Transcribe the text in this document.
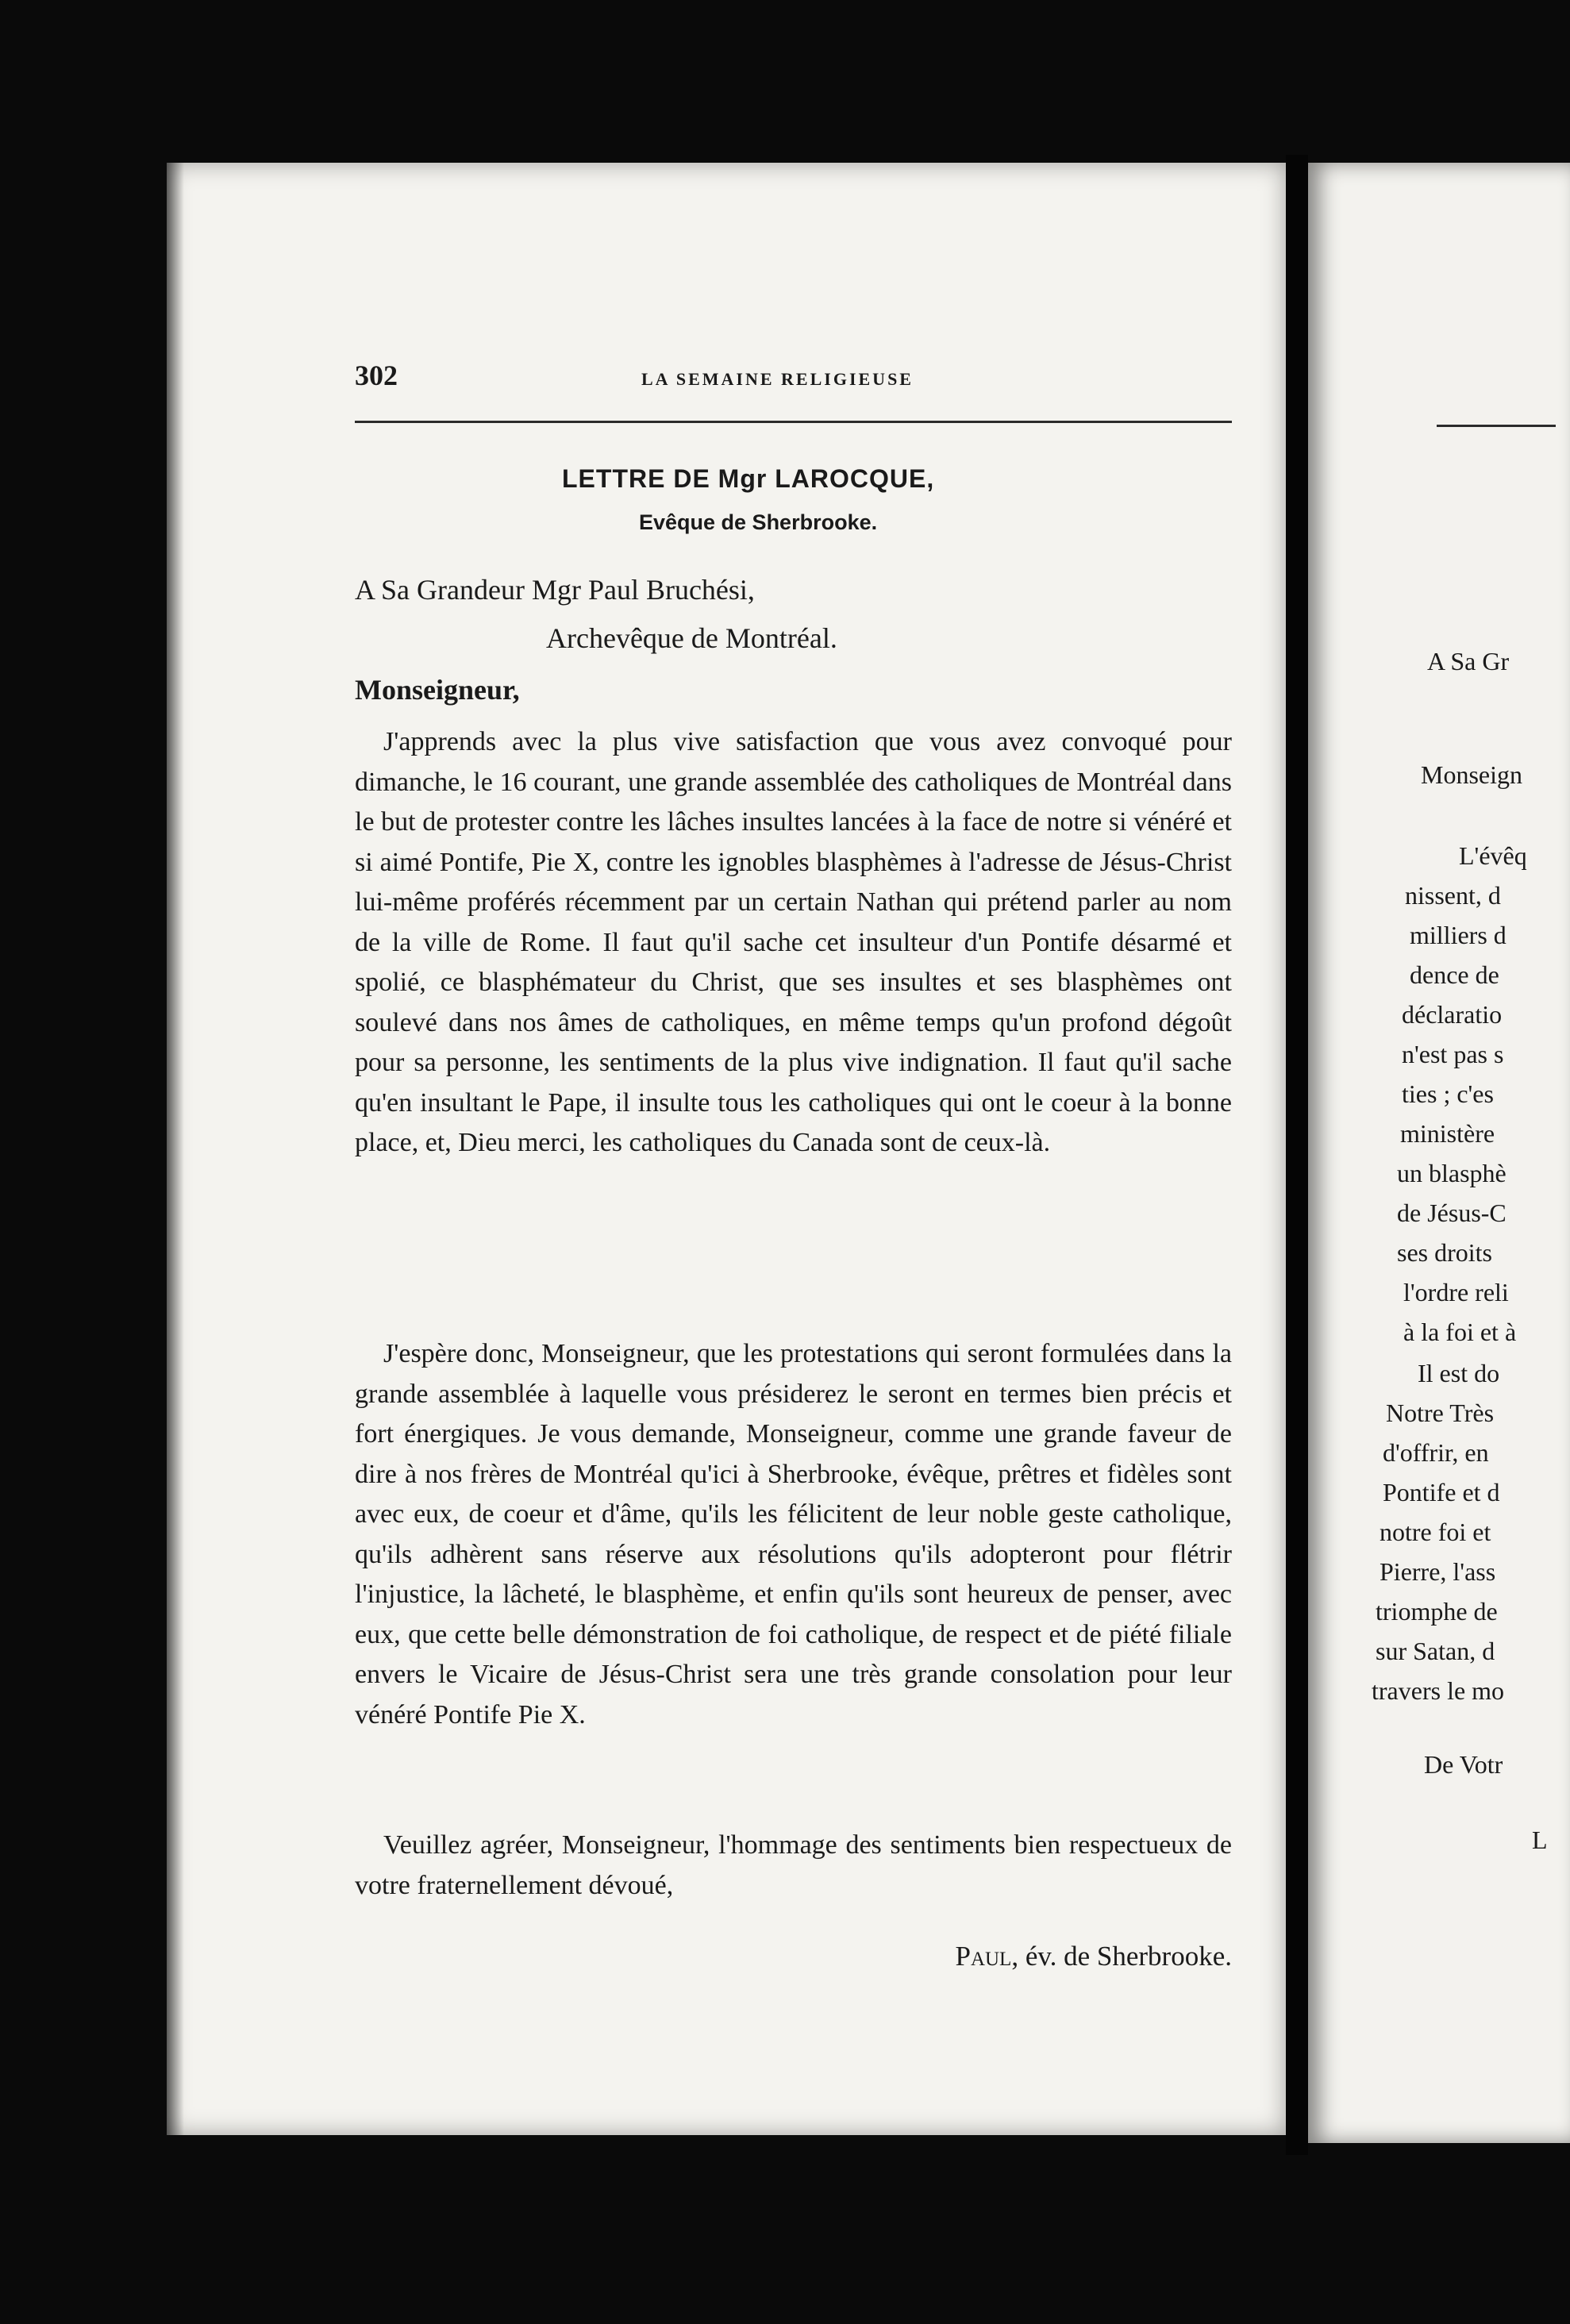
302	LA SEMAINE RELIGIEUSE
LETTRE DE Mgr LAROCQUE,
Evêque de Sherbrooke.
A Sa Grandeur Mgr Paul Bruchési,
Archevêque de Montréal.
Monseigneur,
J'apprends avec la plus vive satisfaction que vous avez convoqué pour dimanche, le 16 courant, une grande assemblée des catholiques de Montréal dans le but de protester contre les lâches insultes lancées à la face de notre si vénéré et si aimé Pontife, Pie X, contre les ignobles blasphèmes à l'adresse de Jésus-Christ lui-même proférés récemment par un certain Nathan qui prétend parler au nom de la ville de Rome. Il faut qu'il sache cet insulteur d'un Pontife désarmé et spolié, ce blasphémateur du Christ, que ses insultes et ses blasphèmes ont soulevé dans nos âmes de catholiques, en même temps qu'un profond dégoût pour sa personne, les sentiments de la plus vive indignation. Il faut qu'il sache qu'en insultant le Pape, il insulte tous les catholiques qui ont le coeur à la bonne place, et, Dieu merci, les catholiques du Canada sont de ceux-là.
J'espère donc, Monseigneur, que les protestations qui seront formulées dans la grande assemblée à laquelle vous présiderez le seront en termes bien précis et fort énergiques. Je vous demande, Monseigneur, comme une grande faveur de dire à nos frères de Montréal qu'ici à Sherbrooke, évêque, prêtres et fidèles sont avec eux, de coeur et d'âme, qu'ils les félicitent de leur noble geste catholique, qu'ils adhèrent sans réserve aux résolutions qu'ils adopteront pour flétrir l'injustice, la lâcheté, le blasphème, et enfin qu'ils sont heureux de penser, avec eux, que cette belle démonstration de foi catholique, de respect et de piété filiale envers le Vicaire de Jésus-Christ sera une très grande consolation pour leur vénéré Pontife Pie X.
Veuillez agréer, Monseigneur, l'hommage des sentiments bien respectueux de votre fraternellement dévoué,
Paul, év. de Sherbrooke.
A Sa Gr
Monseign
L'évêq
nissent, d
milliers d
dence de
déclaratio
n'est pas s
ties ; c'es
ministère
un blasphè
de Jésus-C
ses droits
l'ordre reli
à la foi et à
Il est do
Notre Très
d'offrir, en
Pontife et d
notre foi et
Pierre, l'ass
triomphe de
sur Satan, d
travers le mo
De Votr
L
